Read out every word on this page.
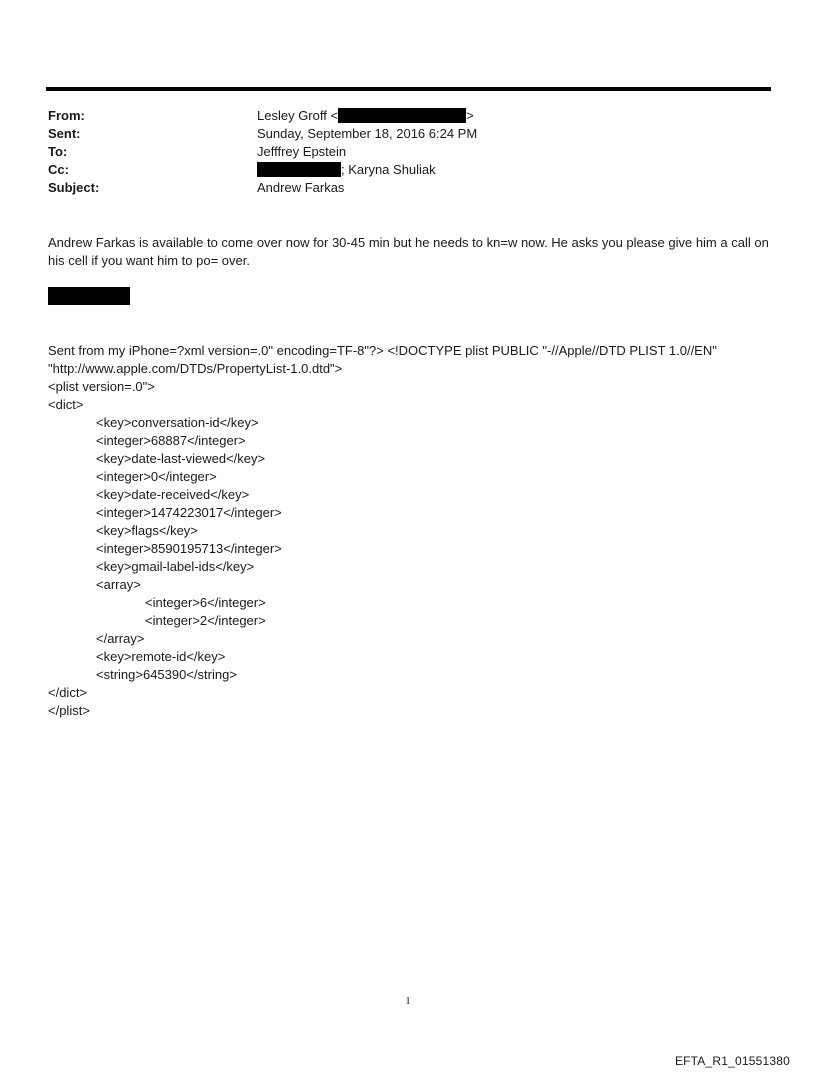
From:	Lesley Groff <	>
Sent:	Sunday, September 18, 2016 6:24 PM
To:	Jefffrey Epstein
Cc:	; Karyna Shuliak
Subject:	Andrew Farkas
Andrew Farkas is available to come over now for 30-45 min but he needs to kn=w now. He asks you please give him a call on his cell if you want him to po= over.
Sent from my iPhone=?xml version=.0" encoding=TF-8"?> <!DOCTYPE plist PUBLIC "-//Apple//DTD PLIST 1.0//EN"
"http://www.apple.com/DTDs/PropertyList-1.0.dtd">
<plist version=.0">
<dict>
<key>conversation-id</key>
<integer>68887</integer>
<key>date-last-viewed</key>
<integer>0</integer>
<key>date-received</key>
<integer>1474223017</integer>
<key>flags</key>
<integer>8590195713</integer>
<key>gmail-label-ids</key>
<array>
<integer>6</integer>
<integer>2</integer>
</array>
<key>remote-id</key>
<string>645390</string>
</dict>
</plist>
1
EFTA_R1_01551380
